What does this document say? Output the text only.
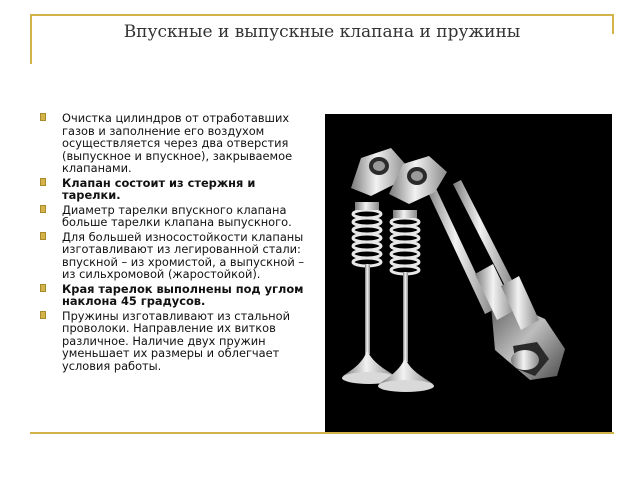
Впускные и выпускные клапана и пружины
Очистка цилиндров от отработавших газов и заполнение его воздухом осуществляется через два отверстия (выпускное и впускное), закрываемое клапанами.
Клапан состоит из стержня и тарелки.
Диаметр тарелки впускного клапана больше тарелки клапана выпускного.
Для большей износостойкости клапаны изготавливают из легированной стали: впускной – из хромистой, а выпускной – из сильхромовой (жаростойкой).
Края тарелок выполнены под углом наклона 45 градусов.
Пружины изготавливают из стальной проволоки. Направление их витков различное. Наличие двух пружин уменьшает их размеры и облегчает условия работы.
